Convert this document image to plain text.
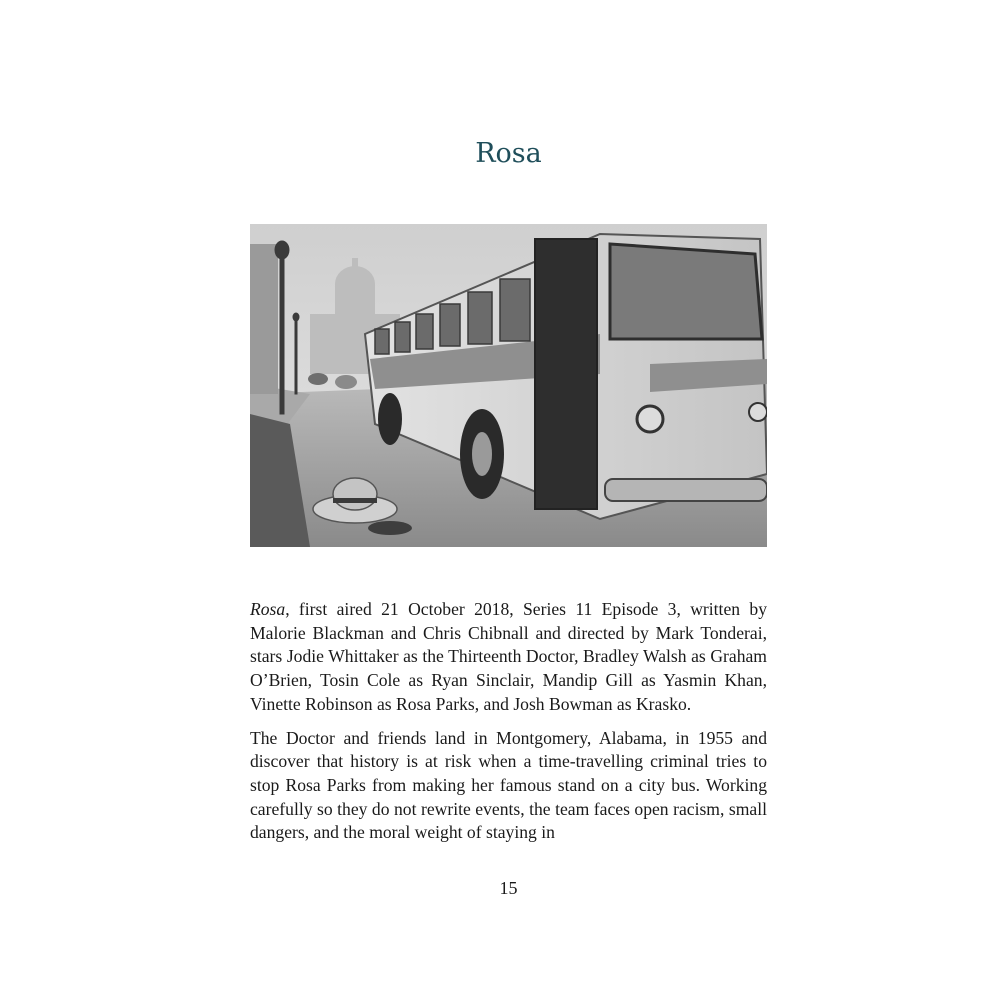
Rosa

Rosa, first aired 21 October 2018, Series 11 Episode 3, written by Malorie Blackman and Chris Chibnall and directed by Mark Tonderai, stars Jodie Whittaker as the Thirteenth Doctor, Bradley Walsh as Graham O’Brien, Tosin Cole as Ryan Sinclair, Mandip Gill as Yasmin Khan, Vinette Robinson as Rosa Parks, and Josh Bowman as Krasko.

The Doctor and friends land in Montgomery, Alabama, in 1955 and discover that history is at risk when a time-travelling criminal tries to stop Rosa Parks from making her famous stand on a city bus. Working carefully so they do not rewrite events, the team faces open racism, small dangers, and the moral weight of staying in

15
